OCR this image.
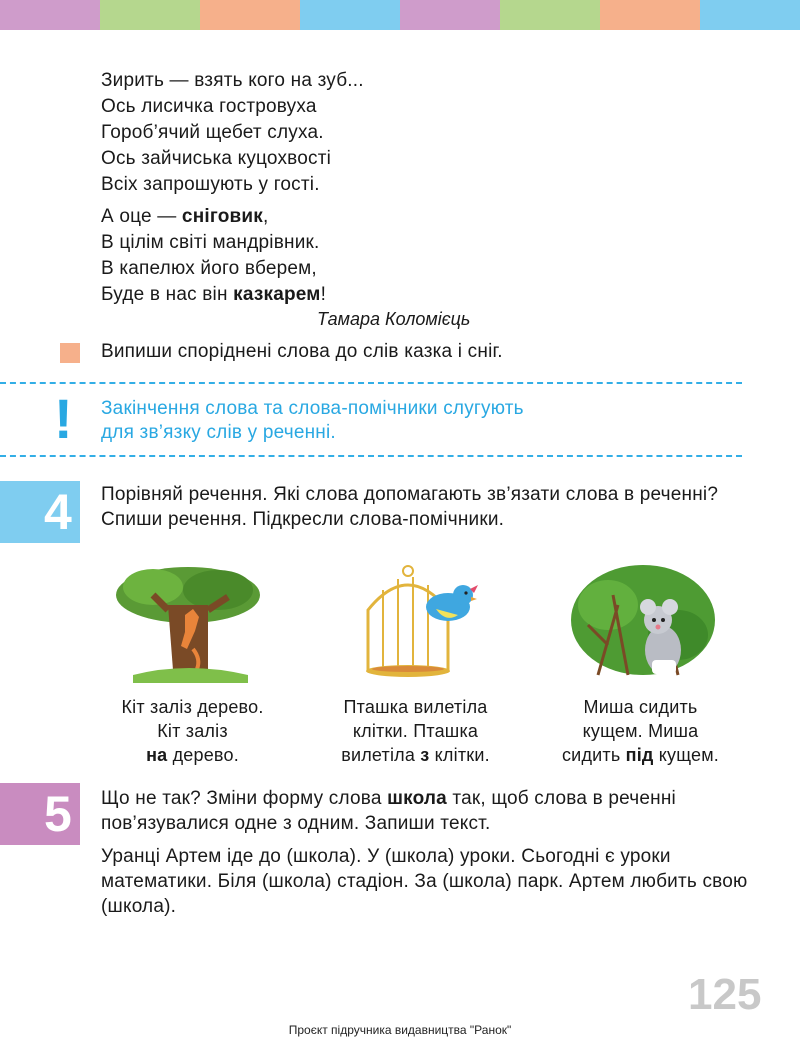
Зирить — взять кого на зуб...
Ось лисичка гостровуха
Гороб’ячий щебет слуха.
Ось зайчиська куцохвості
Всіх запрошують у гості.
А оце — сніговик,
В цілім світі мандрівник.
В капелюх його вберем,
Буде в нас він казкарем!
Тамара Коломієць
Випиши споріднені слова до слів казка і сніг.
! Закінчення слова та слова-помічники слугують
для зв’язку слів у реченні.
4 Порівняй речення. Які слова допомагають зв’язати слова в реченні? Спиши речення. Підкресли слова-помічники.
Кіт заліз дерево.
Кіт заліз
на дерево.
Пташка вилетіла
клітки. Пташка
вилетіла з клітки.
Миша сидить
кущем. Миша
сидить під кущем.
5 Що не так? Зміни форму слова школа так, щоб слова в реченні пов’язувалися одне з одним. Запиши текст.
Уранці Артем іде до (школа). У (школа) уроки. Сьогодні є уроки математики. Біля (школа) стадіон. За (школа) парк. Артем любить свою (школа).
125
Проєкт підручника видавництва "Ранок"
